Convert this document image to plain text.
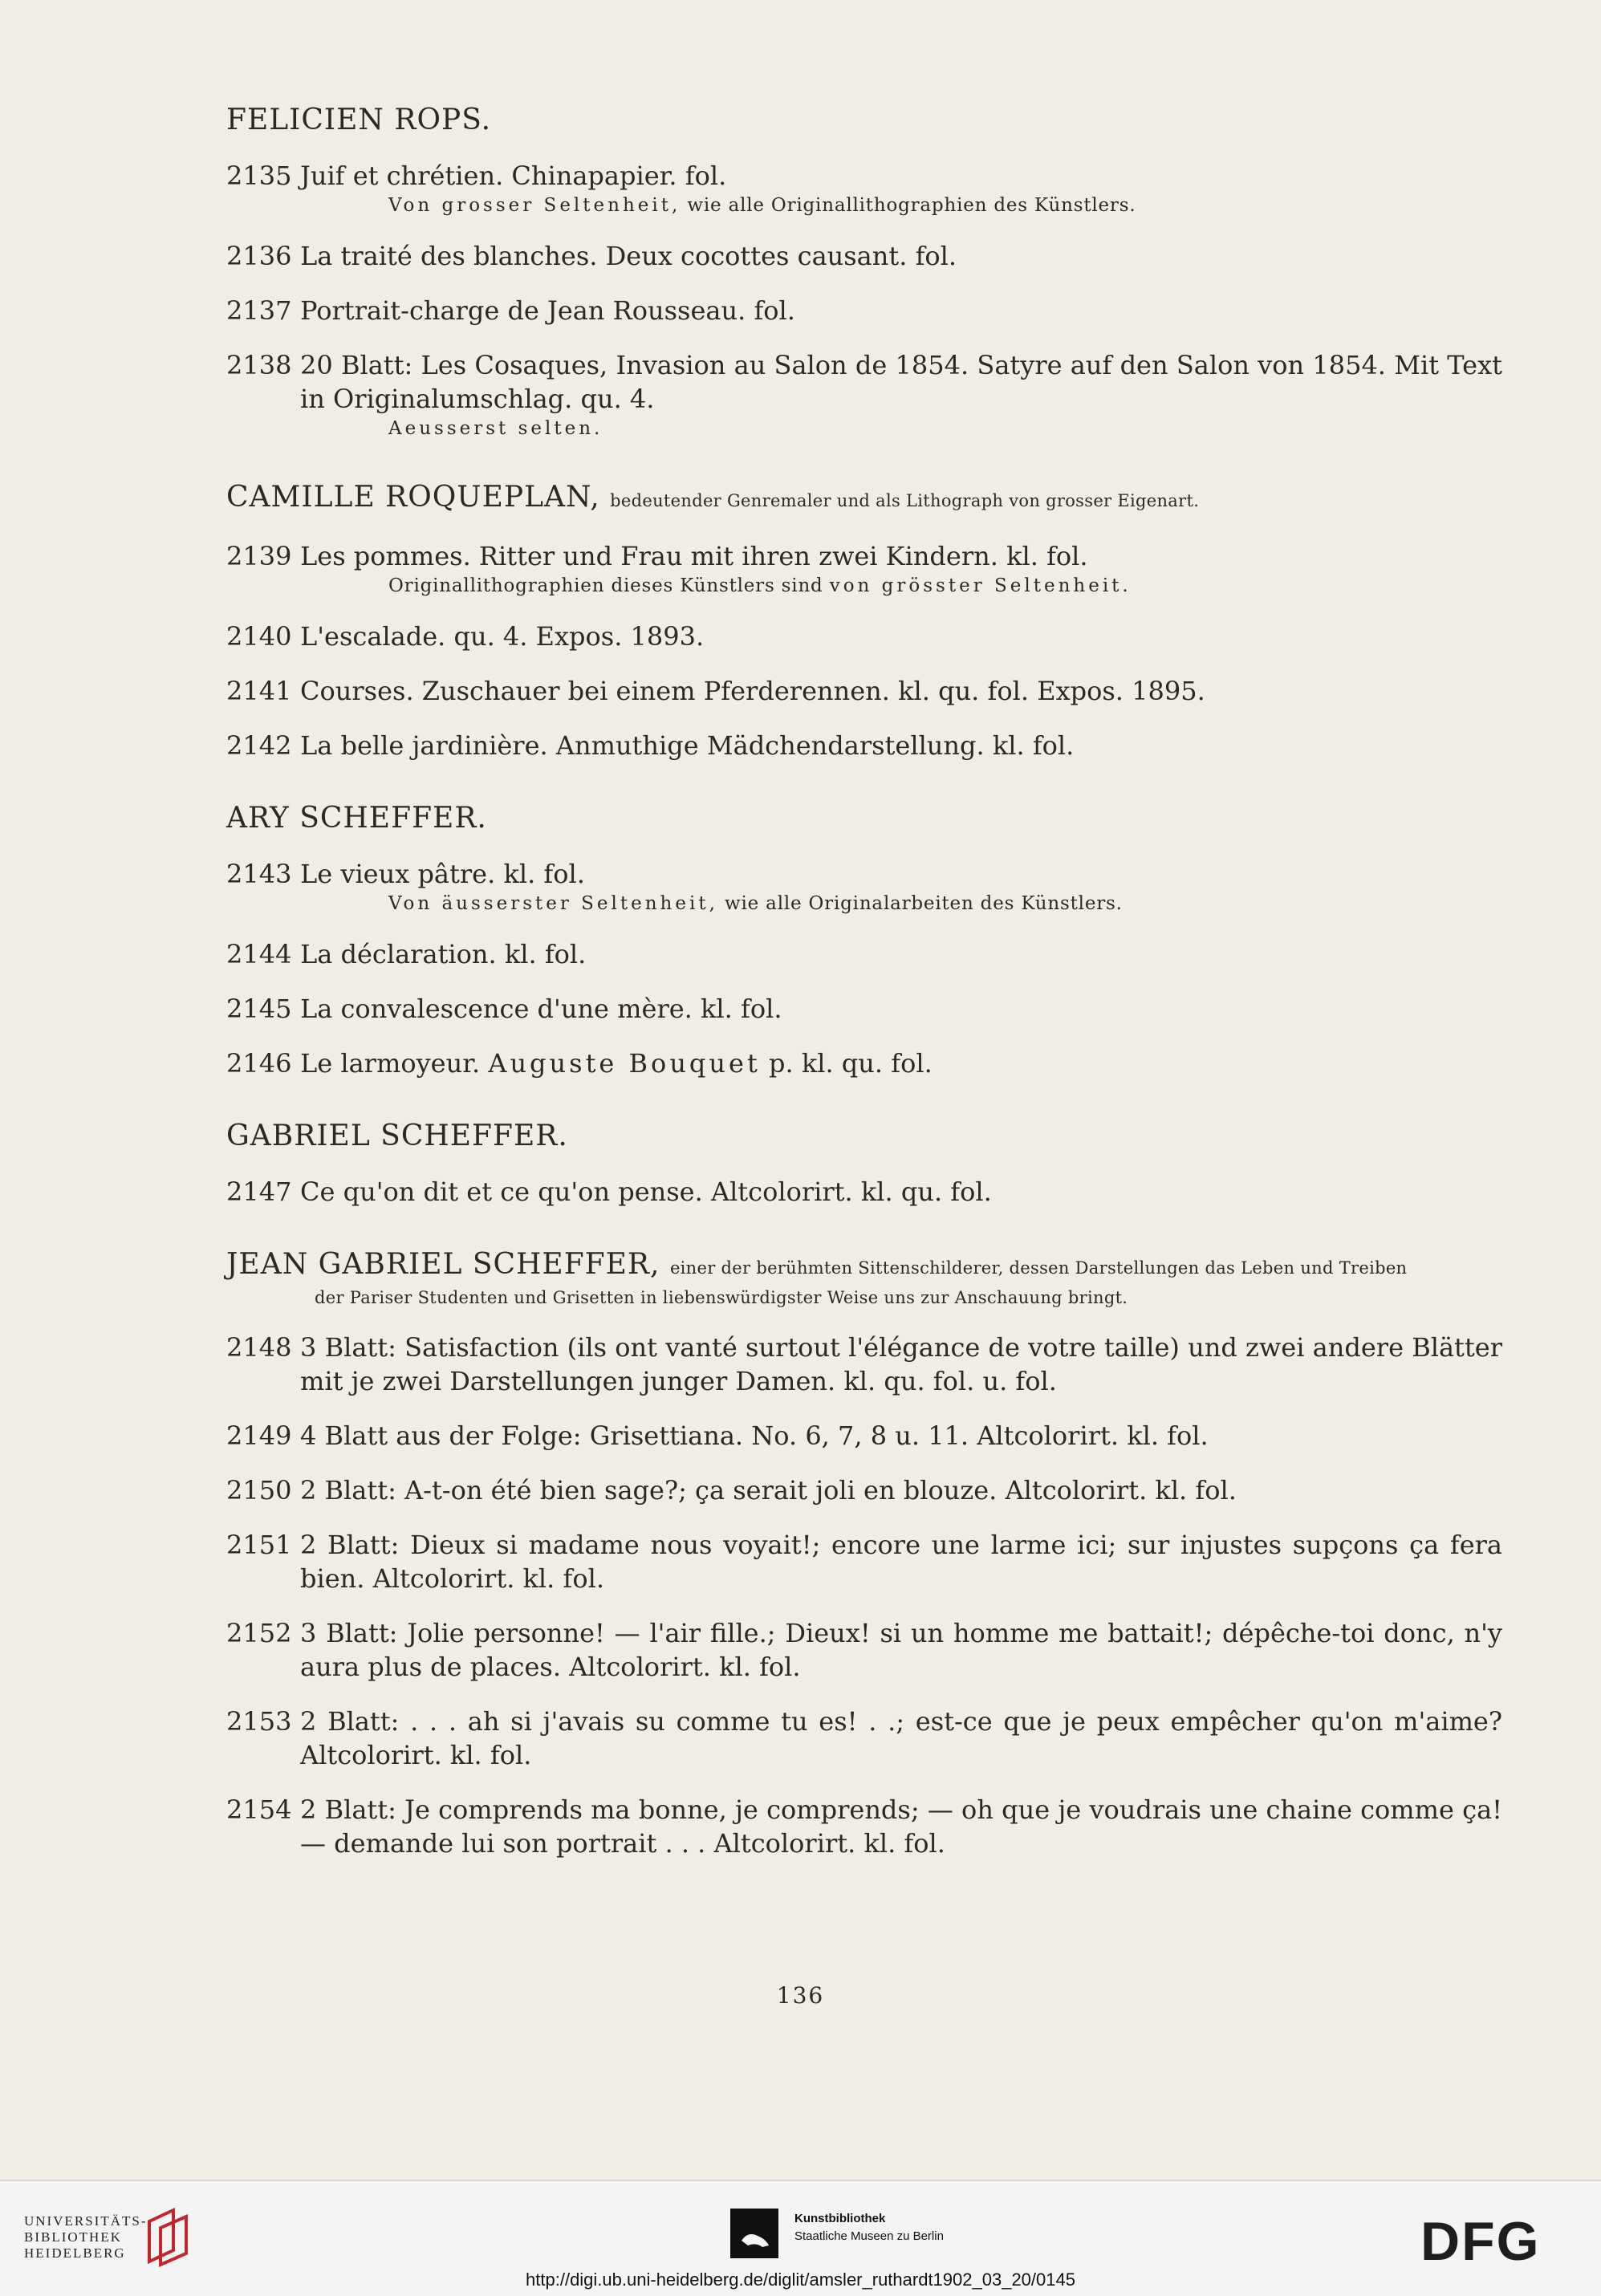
FELICIEN ROPS.
2135 Juif et chrétien. Chinapapier. fol.
Von grosser Seltenheit, wie alle Originallithographien des Künstlers.
2136 La traité des blanches. Deux cocottes causant. fol.
2137 Portrait-charge de Jean Rousseau. fol.
2138 20 Blatt: Les Cosaques, Invasion au Salon de 1854. Satyre auf den Salon von 1854. Mit Text in Originalumschlag. qu. 4.
Aeusserst selten.
CAMILLE ROQUEPLAN, bedeutender Genremaler und als Lithograph von grosser Eigenart.
2139 Les pommes. Ritter und Frau mit ihren zwei Kindern. kl. fol.
Originallithographien dieses Künstlers sind von grösster Seltenheit.
2140 L'escalade. qu. 4. Expos. 1893.
2141 Courses. Zuschauer bei einem Pferderennen. kl. qu. fol. Expos. 1895.
2142 La belle jardinière. Anmuthige Mädchendarstellung. kl. fol.
ARY SCHEFFER.
2143 Le vieux pâtre. kl. fol.
Von äusserster Seltenheit, wie alle Originalarbeiten des Künstlers.
2144 La déclaration. kl. fol.
2145 La convalescence d'une mère. kl. fol.
2146 Le larmoyeur. Auguste Bouquet p. kl. qu. fol.
GABRIEL SCHEFFER.
2147 Ce qu'on dit et ce qu'on pense. Altcolorirt. kl. qu. fol.
JEAN GABRIEL SCHEFFER, einer der berühmten Sittenschilderer, dessen Darstellungen das Leben und Treiben
der Pariser Studenten und Grisetten in liebenswürdigster Weise uns zur Anschauung bringt.
2148 3 Blatt: Satisfaction (ils ont vanté surtout l'élégance de votre taille) und zwei andere Blätter mit je zwei Darstellungen junger Damen. kl. qu. fol. u. fol.
2149 4 Blatt aus der Folge: Grisettiana. No. 6, 7, 8 u. 11. Altcolorirt. kl. fol.
2150 2 Blatt: A-t-on été bien sage?; ça serait joli en blouze. Altcolorirt. kl. fol.
2151 2 Blatt: Dieux si madame nous voyait!; encore une larme ici; sur injustes supçons ça fera bien. Altcolorirt. kl. fol.
2152 3 Blatt: Jolie personne! — l'air fille.; Dieux! si un homme me battait!; dépêche-toi donc, n'y aura plus de places. Altcolorirt. kl. fol.
2153 2 Blatt: . . . ah si j'avais su comme tu es! . .; est-ce que je peux empêcher qu'on m'aime? Altcolorirt. kl. fol.
2154 2 Blatt: Je comprends ma bonne, je comprends; — oh que je voudrais une chaine comme ça! — demande lui son portrait . . . Altcolorirt. kl. fol.
136
UNIVERSITÄTS-
BIBLIOTHEK
HEIDELBERG
Kunstbibliothek
Staatliche Museen zu Berlin	DFG
http://digi.ub.uni-heidelberg.de/diglit/amsler_ruthardt1902_03_20/0145
